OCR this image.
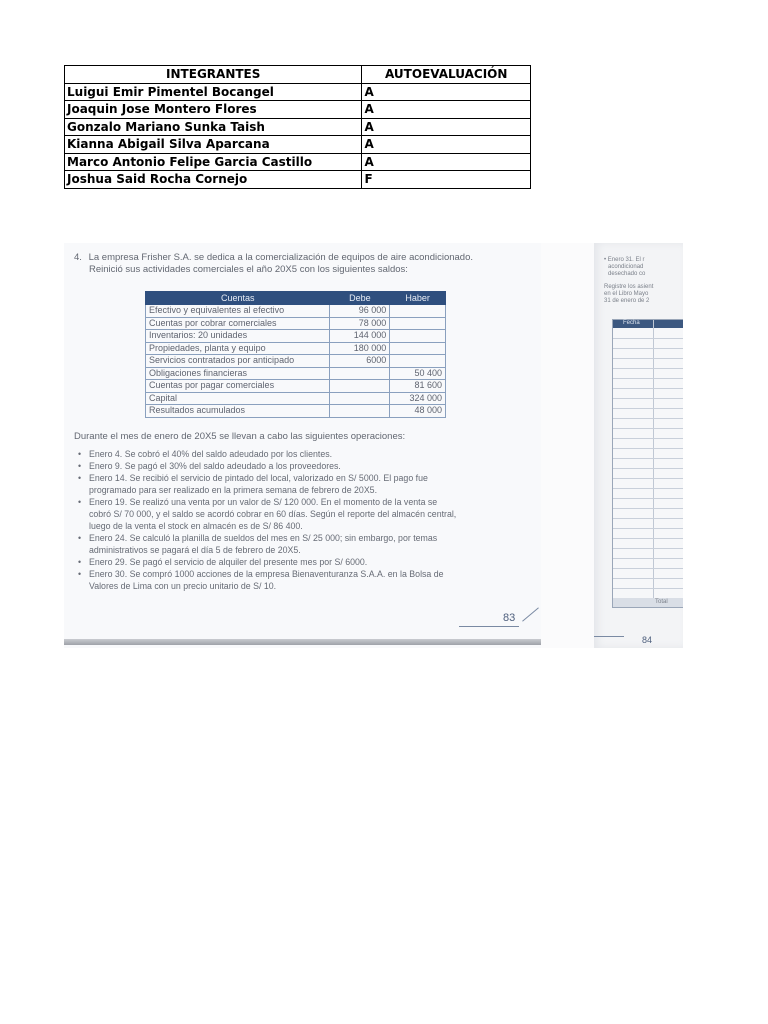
INTEGRANTES	AUTOEVALUACIÓN
Luigui Emir Pimentel Bocangel	A
Joaquin Jose Montero Flores	A
Gonzalo Mariano Sunka Taish	A
Kianna Abigail Silva Aparcana	A
Marco Antonio Felipe Garcia Castillo	A
Joshua Said Rocha Cornejo	F
4. La empresa Frisher S.A. se dedica a la comercialización de equipos de aire acondicionado.
Reinició sus actividades comerciales el año 20X5 con los siguientes saldos:
Cuentas	Debe	Haber
Efectivo y equivalentes al efectivo	96 000	
Cuentas por cobrar comerciales	78 000	
Inventarios: 20 unidades	144 000	
Propiedades, planta y equipo	180 000	
Servicios contratados por anticipado	6000	
Obligaciones financieras		50 400
Cuentas por pagar comerciales		81 600
Capital		324 000
Resultados acumulados		48 000
Durante el mes de enero de 20X5 se llevan a cabo las siguientes operaciones:
• Enero 4. Se cobró el 40% del saldo adeudado por los clientes.
• Enero 9. Se pagó el 30% del saldo adeudado a los proveedores.
• Enero 14. Se recibió el servicio de pintado del local, valorizado en S/ 5000. El pago fue
programado para ser realizado en la primera semana de febrero de 20X5.
• Enero 19. Se realizó una venta por un valor de S/ 120 000. En el momento de la venta se
cobró S/ 70 000, y el saldo se acordó cobrar en 60 días. Según el reporte del almacén central,
luego de la venta el stock en almacén es de S/ 86 400.
• Enero 24. Se calculó la planilla de sueldos del mes en S/ 25 000; sin embargo, por temas
administrativos se pagará el día 5 de febrero de 20X5.
• Enero 29. Se pagó el servicio de alquiler del presente mes por S/ 6000.
• Enero 30. Se compró 1000 acciones de la empresa Bienaventuranza S.A.A. en la Bolsa de
Valores de Lima con un precio unitario de S/ 10.
83
• Enero 31. El r
acondicionad
desechado co
Registre los asient
en el Libro Mayo
31 de enero de 2
84
Fecha
Total
